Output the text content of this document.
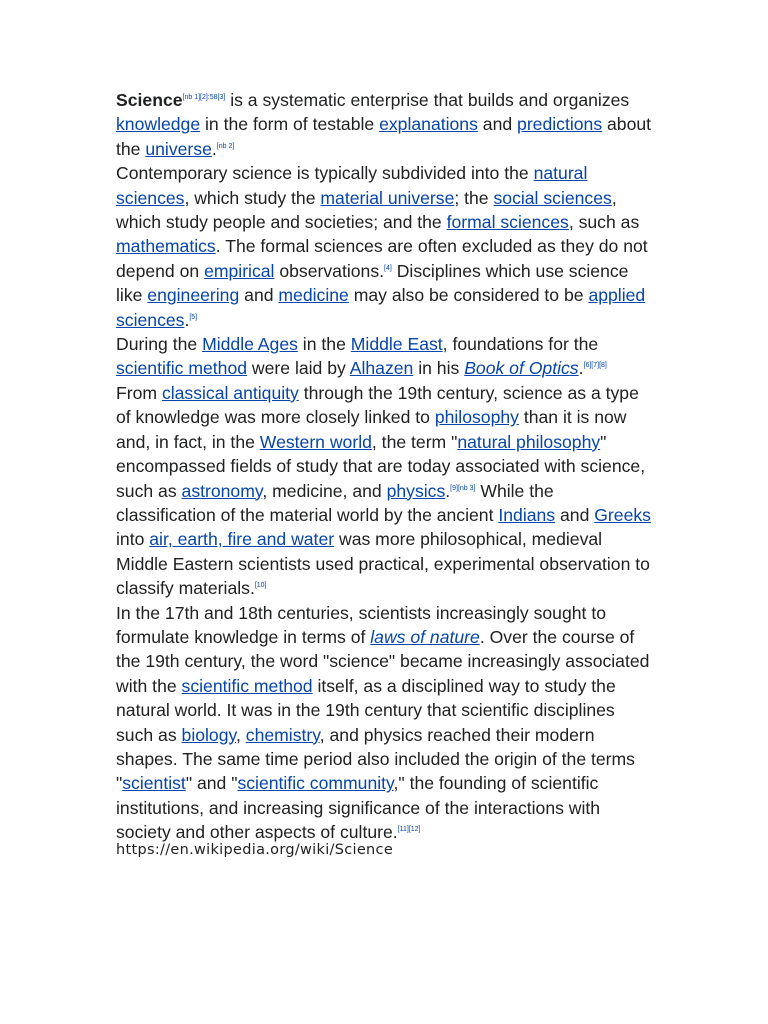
Science[nb 1][2]:58[3] is a systematic enterprise that builds and organizes knowledge in the form of testable explanations and predictions about the universe.[nb 2]

Contemporary science is typically subdivided into the natural sciences, which study the material universe; the social sciences, which study people and societies; and the formal sciences, such as mathematics. The formal sciences are often excluded as they do not depend on empirical observations.[4] Disciplines which use science like engineering and medicine may also be considered to be applied sciences.[5]

During the Middle Ages in the Middle East, foundations for the scientific method were laid by Alhazen in his Book of Optics.[6][7][8]

From classical antiquity through the 19th century, science as a type of knowledge was more closely linked to philosophy than it is now and, in fact, in the Western world, the term "natural philosophy" encompassed fields of study that are today associated with science, such as astronomy, medicine, and physics.[9][nb 3] While the classification of the material world by the ancient Indians and Greeks into air, earth, fire and water was more philosophical, medieval Middle Eastern scientists used practical, experimental observation to classify materials.[10]

In the 17th and 18th centuries, scientists increasingly sought to formulate knowledge in terms of laws of nature. Over the course of the 19th century, the word "science" became increasingly associated with the scientific method itself, as a disciplined way to study the natural world. It was in the 19th century that scientific disciplines such as biology, chemistry, and physics reached their modern shapes. The same time period also included the origin of the terms "scientist" and "scientific community," the founding of scientific institutions, and increasing significance of the interactions with society and other aspects of culture.[11][12]

https://en.wikipedia.org/wiki/Science
